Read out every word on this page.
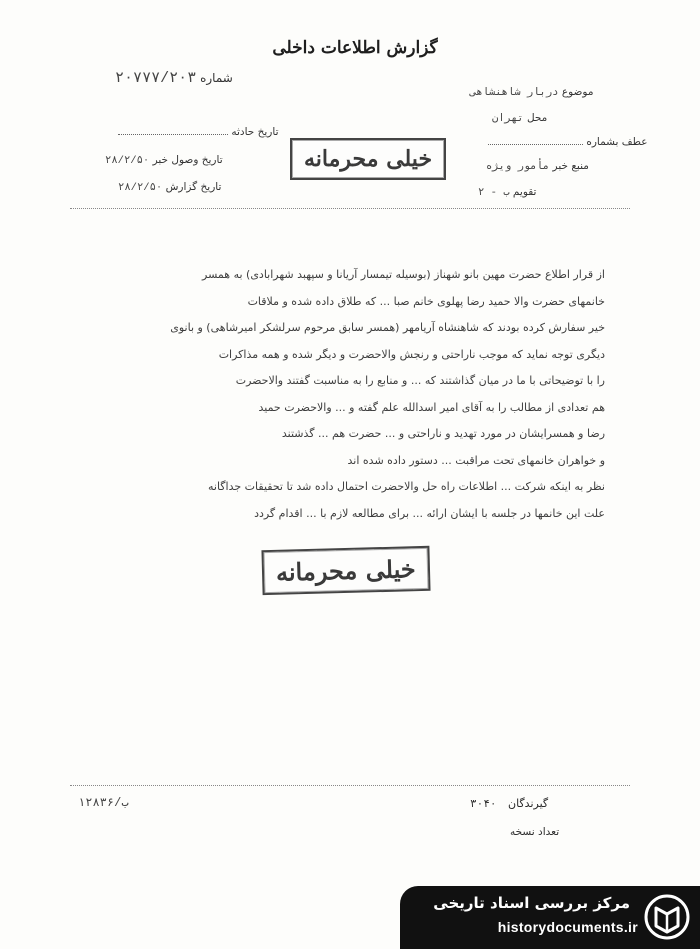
گزارش اطلاعات داخلی
موضوع دربار شاهنشاهی
محل تهران
عطف بشماره
منبع خبر مأمور ویژه
تقویم ب - ۲
شماره ۲۰۷۷۷/۲۰۳
تاریخ حادثه
تاریخ وصول خبر ۲۸/۲/۵۰
تاریخ گزارش ۲۸/۲/۵۰
خیلی محرمانه

از قرار اطلاع حضرت مهین بانو شهناز (بوسیله تیمسار آریانا و سپهبد شهرابادی) به همسر

خانمهای حضرت والا حمید رضا پهلوی خانم صبا ... که طلاق داده شده و ملاقات

خیر سفارش کرده بودند که شاهنشاه آریامهر (همسر سابق مرحوم سرلشکر امیرشاهی) و بانوی

دیگری توجه نماید که موجب ناراحتی و رنجش والاحضرت و دیگر شده و همه مذاکرات

را با توضیحاتی با ما در میان گذاشتند که ... و منابع را به مناسبت گفتند والاحضرت

هم تعدادی از مطالب را به آقای امیر اسدالله علم گفته و ... والاحضرت حمید

رضا و همسرایشان در مورد تهدید و ناراحتی و ... حضرت هم ... گذشتند

و خواهران خانمهای تحت مراقبت ... دستور داده شده اند

نظر به اینکه شرکت ... اطلاعات راه حل والاحضرت احتمال داده شد تا تحقیقات جداگانه

علت این خانمها در جلسه با ایشان ارائه ... برای مطالعه لازم با ... اقدام گردد

خیلی محرمانه
۱۲۸۳۶/ب	گیرندگان ۳۰۴۰
تعداد نسخه
مرکز بررسی اسناد تاریخی
historydocuments.ir
